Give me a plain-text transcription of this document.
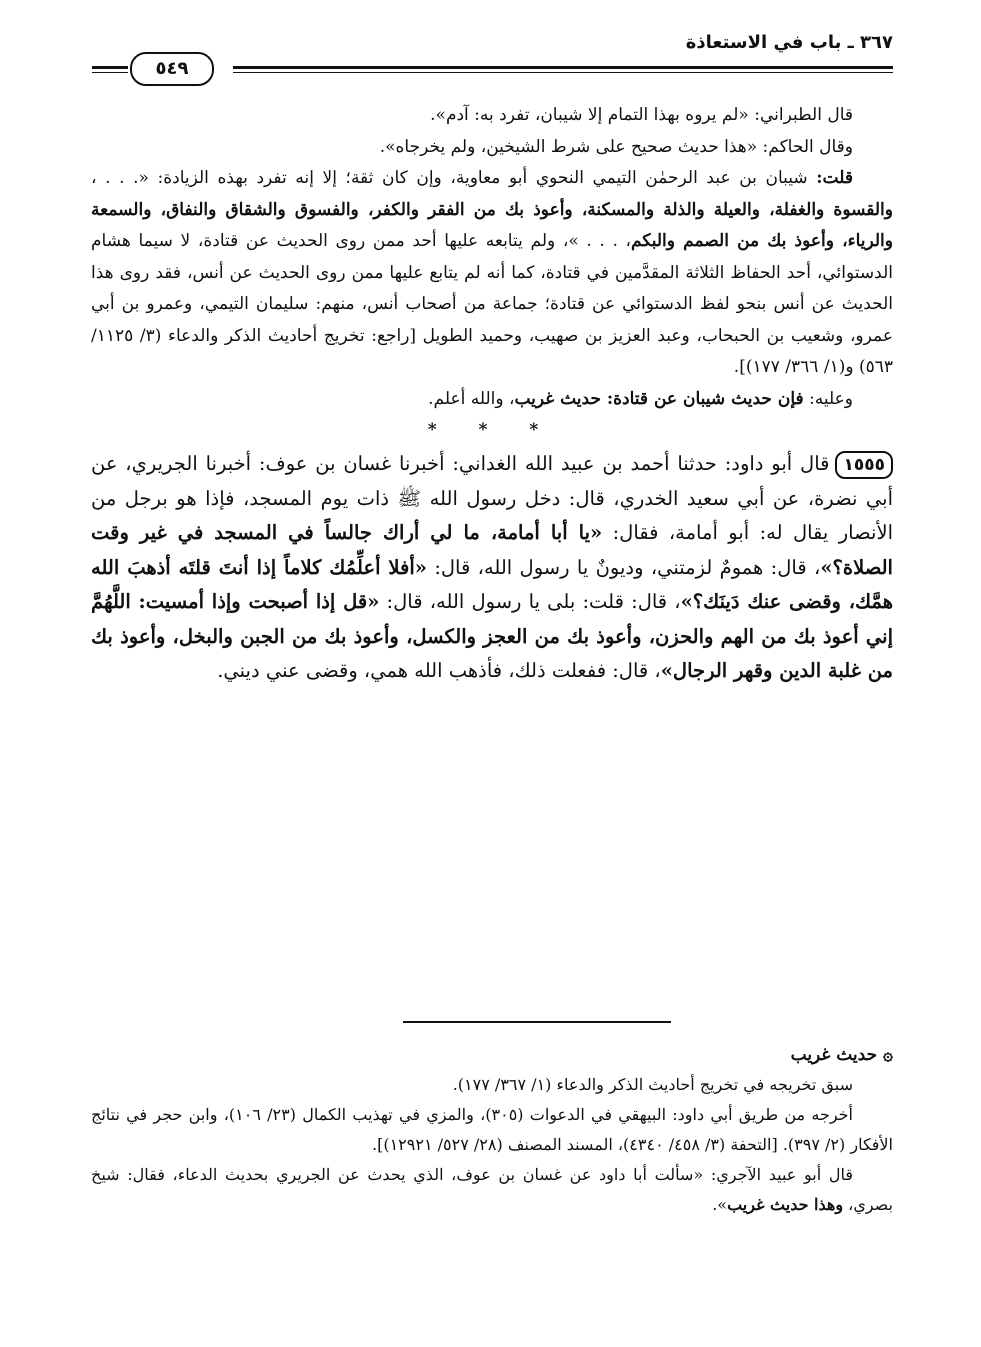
٣٦٧ ـ باب في الاستعاذة
٥٤٩

قال الطبراني: «لم يروه بهذا التمام إلا شيبان، تفرد به: آدم».

وقال الحاكم: «هذا حديث صحيح على شرط الشيخين، ولم يخرجاه».

قلت: شيبان بن عبد الرحمٰن التيمي النحوي أبو معاوية، وإن كان ثقة؛ إلا إنه تفرد بهذه الزيادة: «. . . ، والقسوة والغفلة، والعيلة والذلة والمسكنة، وأعوذ بك من الفقر والكفر، والفسوق والشقاق والنفاق، والسمعة والرياء، وأعوذ بك من الصمم والبكم، . . . »، ولم يتابعه عليها أحد ممن روى الحديث عن قتادة، لا سيما هشام الدستوائي، أحد الحفاظ الثلاثة المقدَّمين في قتادة، كما أنه لم يتابع عليها ممن روى الحديث عن أنس، فقد روى هذا الحديث عن أنس بنحو لفظ الدستوائي عن قتادة؛ جماعة من أصحاب أنس، منهم: سليمان التيمي، وعمرو بن أبي عمرو، وشعيب بن الحبحاب، وعبد العزيز بن صهيب، وحميد الطويل [راجع: تخريج أحاديث الذكر والدعاء (٣/ ١١٢٥/ ٥٦٣) و(١/ ٣٦٦/ ١٧٧)].

وعليه: فإن حديث شيبان عن قتادة: حديث غريب، والله أعلم.

* * *

١٥٥٥قال أبو داود: حدثنا أحمد بن عبيد الله الغداني: أخبرنا غسان بن عوف: أخبرنا الجريري، عن أبي نضرة، عن أبي سعيد الخدري، قال: دخل رسول الله ﷺ ذات يوم المسجد، فإذا هو برجل من الأنصار يقال له: أبو أمامة، فقال: «يا أبا أمامة، ما لي أراك جالساً في المسجد في غير وقت الصلاة؟»، قال: همومٌ لزمتني، وديونٌ يا رسول الله، قال: «أفلا أعلِّمُك كلاماً إذا أنتَ قلتَه أذهبَ الله همَّك، وقضى عنك دَينَك؟»، قال: قلت: بلى يا رسول الله، قال: «قل إذا أصبحت وإذا أمسيت: اللَّهُمَّ إني أعوذ بك من الهم والحزن، وأعوذ بك من العجز والكسل، وأعوذ بك من الجبن والبخل، وأعوذ بك من غلبة الدين وقهر الرجال»، قال: ففعلت ذلك، فأذهب الله همي، وقضى عني ديني.

۞ حديث غريب

سبق تخريجه في تخريج أحاديث الذكر والدعاء (١/ ٣٦٧/ ١٧٧).

أخرجه من طريق أبي داود: البيهقي في الدعوات (٣٠٥)، والمزي في تهذيب الكمال (٢٣/ ١٠٦)، وابن حجر في نتائج الأفكار (٢/ ٣٩٧). [التحفة (٣/ ٤٥٨/ ٤٣٤٠)، المسند المصنف (٢٨/ ٥٢٧/ ١٢٩٢١)].

قال أبو عبيد الآجري: «سألت أبا داود عن غسان بن عوف، الذي يحدث عن الجريري بحديث الدعاء، فقال: شيخ بصري، وهذا حديث غريب».
